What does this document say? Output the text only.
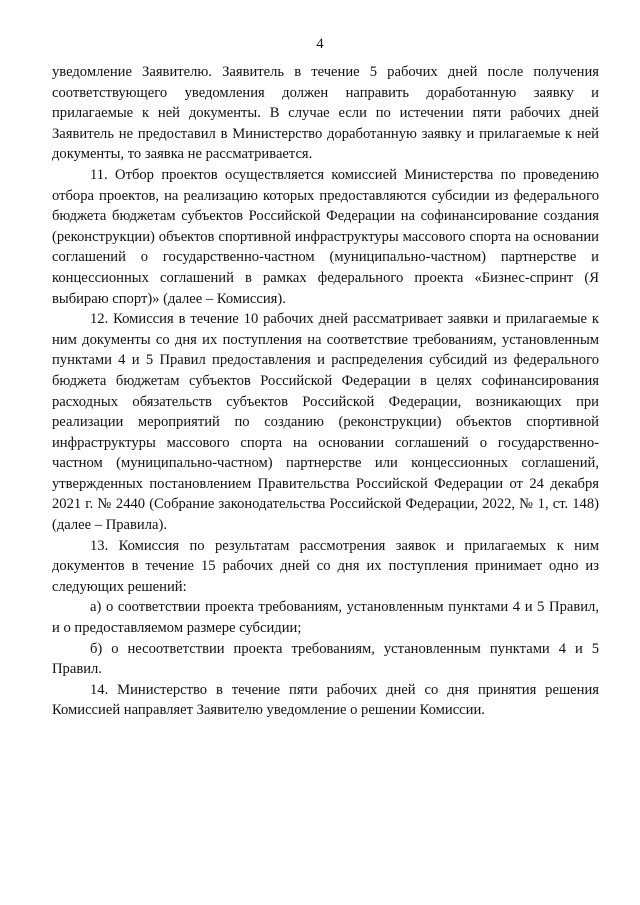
4

уведомление Заявителю. Заявитель в течение 5 рабочих дней после получения соответствующего уведомления должен направить доработанную заявку и прилагаемые к ней документы. В случае если по истечении пяти рабочих дней Заявитель не предоставил в Министерство доработанную заявку и прилагаемые к ней документы, то заявка не рассматривается.

11. Отбор проектов осуществляется комиссией Министерства по проведению отбора проектов, на реализацию которых предоставляются субсидии из федерального бюджета бюджетам субъектов Российской Федерации на софинансирование создания (реконструкции) объектов спортивной инфраструктуры массового спорта на основании соглашений о государственно-частном (муниципально-частном) партнерстве и концессионных соглашений в рамках федерального проекта «Бизнес-спринт (Я выбираю спорт)» (далее – Комиссия).

12. Комиссия в течение 10 рабочих дней рассматривает заявки и прилагаемые к ним документы со дня их поступления на соответствие требованиям, установленным пунктами 4 и 5 Правил предоставления и распределения субсидий из федерального бюджета бюджетам субъектов Российской Федерации в целях софинансирования расходных обязательств субъектов Российской Федерации, возникающих при реализации мероприятий по созданию (реконструкции) объектов спортивной инфраструктуры массового спорта на основании соглашений о государственно-частном (муниципально-частном) партнерстве или концессионных соглашений, утвержденных постановлением Правительства Российской Федерации от 24 декабря 2021 г. № 2440 (Собрание законодательства Российской Федерации, 2022, № 1, ст. 148) (далее – Правила).

13. Комиссия по результатам рассмотрения заявок и прилагаемых к ним документов в течение 15 рабочих дней со дня их поступления принимает одно из следующих решений:

а) о соответствии проекта требованиям, установленным пунктами 4 и 5 Правил, и о предоставляемом размере субсидии;

б) о несоответствии проекта требованиям, установленным пунктами 4 и 5 Правил.

14. Министерство в течение пяти рабочих дней со дня принятия решения Комиссией направляет Заявителю уведомление о решении Комиссии.
